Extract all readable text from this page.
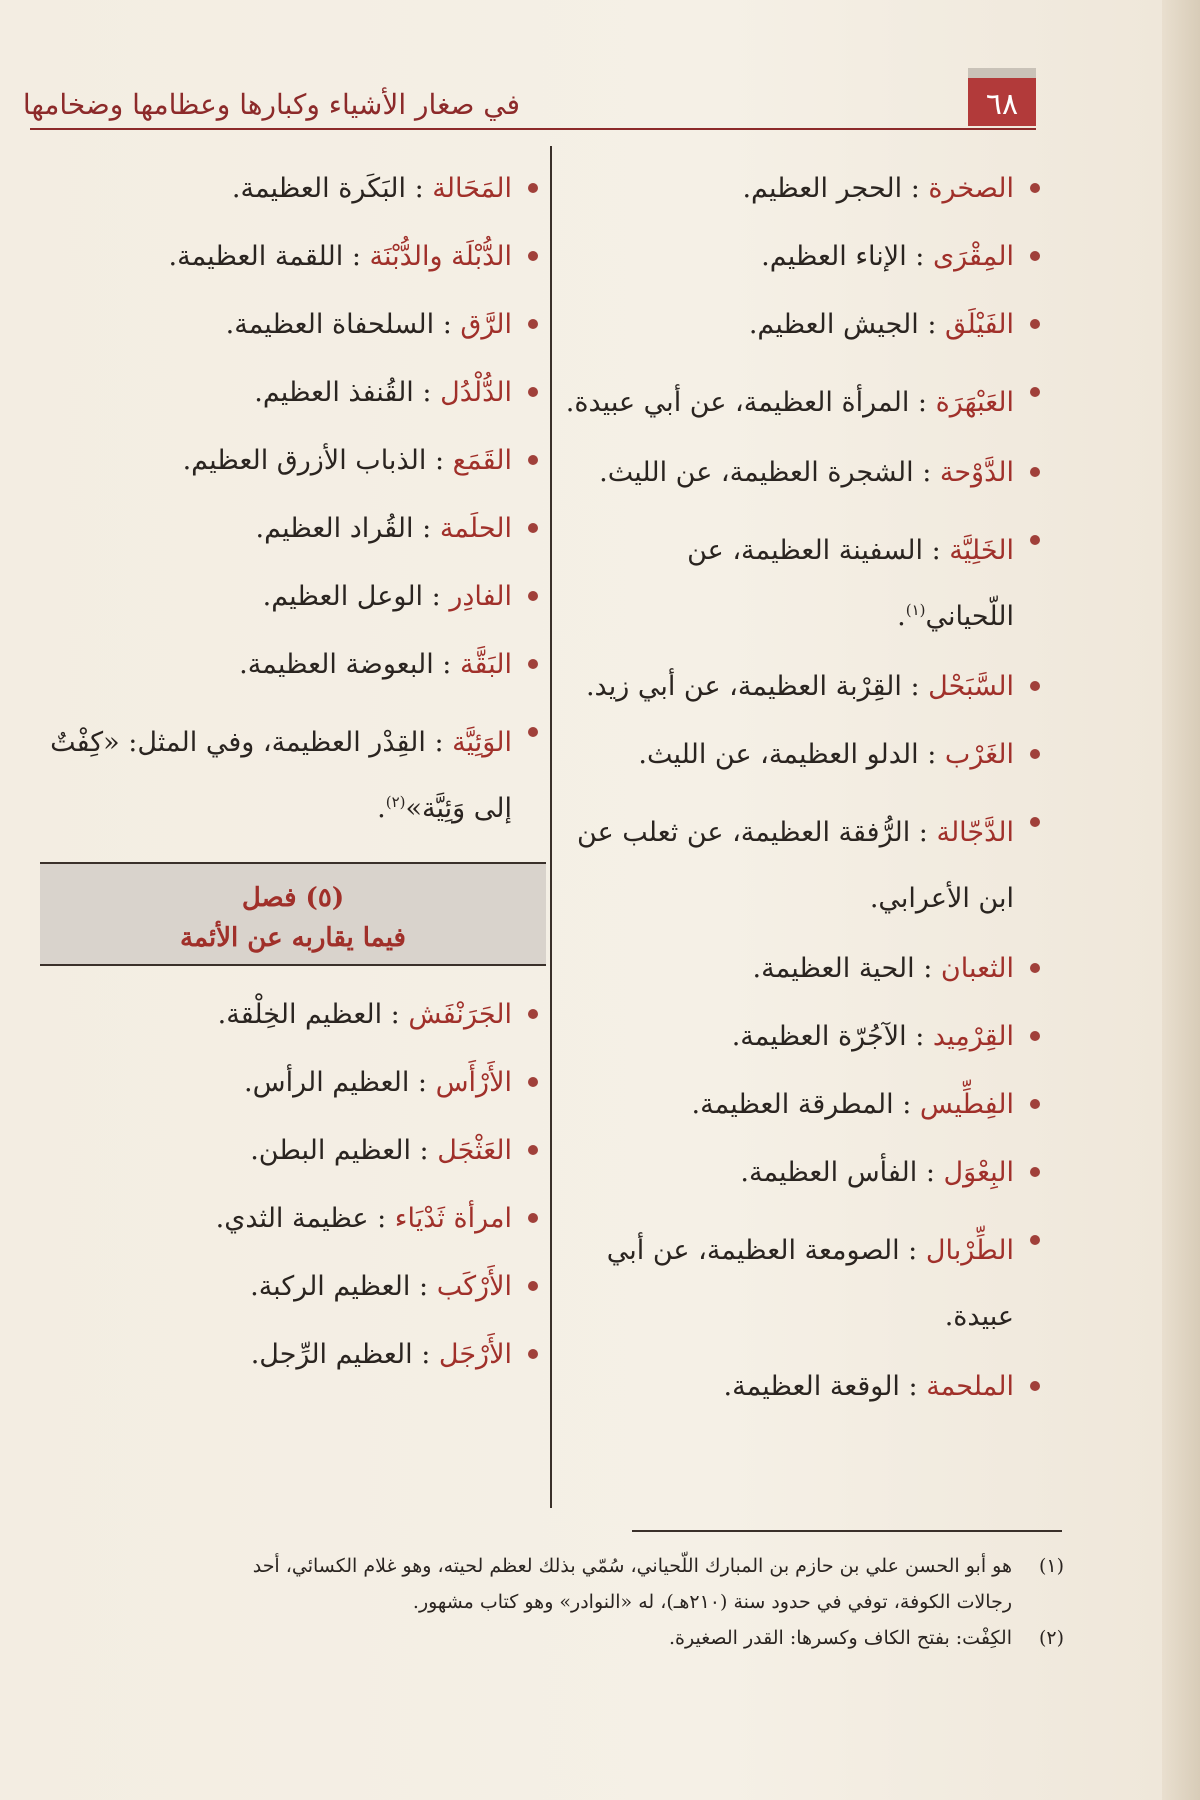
٦٨
في صغار الأشياء وكبارها وعظامها وضخامها
الصخرة : الحجر العظيم.
المِقْرَى : الإناء العظيم.
الفَيْلَق : الجيش العظيم.
العَبْهَرَة : المرأة العظيمة، عن أبي عبيدة.
الدَّوْحة : الشجرة العظيمة، عن الليث.
الخَلِيَّة : السفينة العظيمة، عن اللّحياني$^{(١)}$.
السَّبَحْل : القِرْبة العظيمة، عن أبي زيد.
الغَرْب : الدلو العظيمة، عن الليث.
الدَّجّالة : الرُّفقة العظيمة، عن ثعلب عن ابن الأعرابي.
الثعبان : الحية العظيمة.
القِرْمِيد : الآجُرّة العظيمة.
الفِطِّيس : المطرقة العظيمة.
البِعْوَل : الفأس العظيمة.
الطِّرْبال : الصومعة العظيمة، عن أبي عبيدة.
الملحمة : الوقعة العظيمة.
المَحَالة : البَكَرة العظيمة.
الدُّبْلَة والدُّبْنَة : اللقمة العظيمة.
الرَّق : السلحفاة العظيمة.
الدُّلْدُل : القُنفذ العظيم.
القَمَع : الذباب الأزرق العظيم.
الحلَمة : القُراد العظيم.
الفادِر : الوعل العظيم.
البَقَّة : البعوضة العظيمة.
الوَئِيَّة : القِدْر العظيمة، وفي المثل: «كِفْتٌ إلى وَئِيَّة»$^{(٢)}$.
(٥) فصل
فيما يقاربه عن الأئمة
الجَرَنْفَش : العظيم الخِلْقة.
الأَرْأَس : العظيم الرأس.
العَثْجَل : العظيم البطن.
امرأة ثَدْيَاء : عظيمة الثدي.
الأَرْكَب : العظيم الركبة.
الأَرْجَل : العظيم الرِّجل.
(١)هو أبو الحسن علي بن حازم بن المبارك اللّحياني، سُمّي بذلك لعظم لحيته، وهو غلام الكسائي، أحد
رجالات الكوفة، توفي في حدود سنة (٢١٠هـ)، له «النوادر» وهو كتاب مشهور.
(٢)الكِفْت: بفتح الكاف وكسرها: القدر الصغيرة.
